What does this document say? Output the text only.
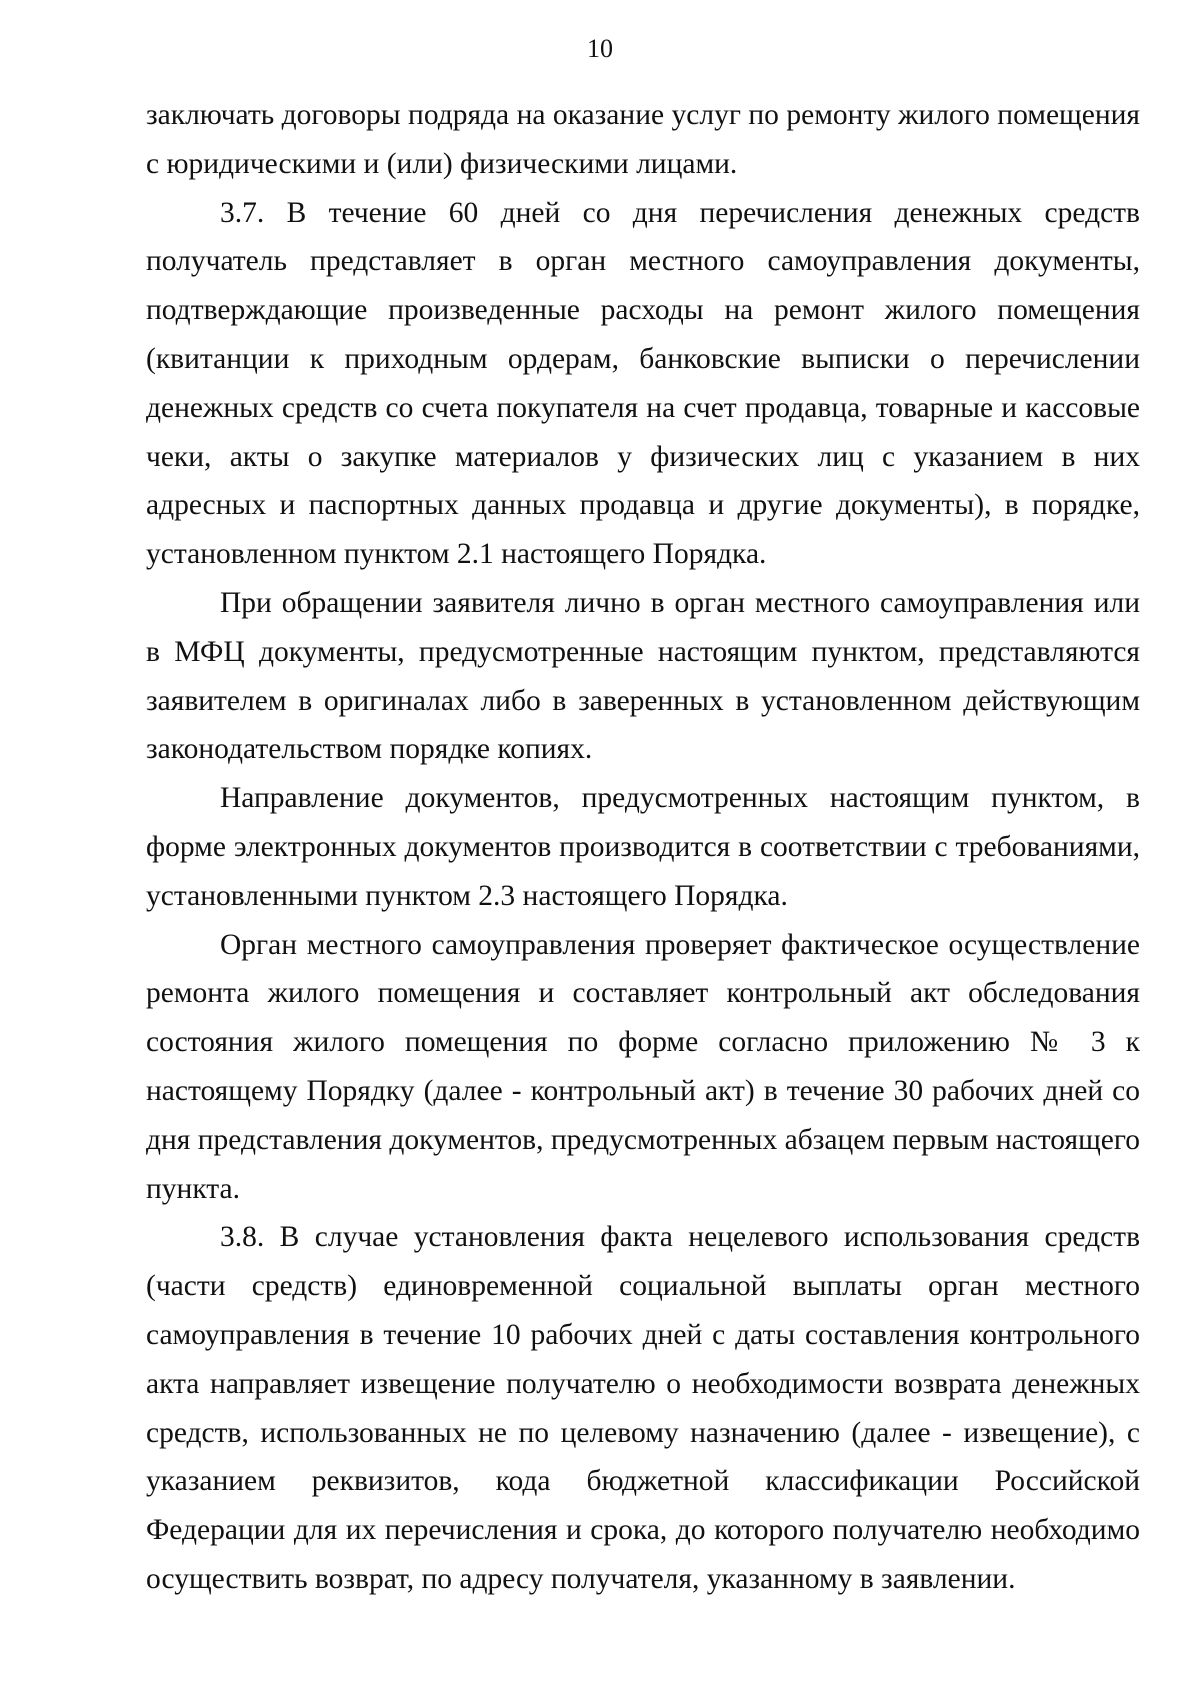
10

заключать договоры подряда на оказание услуг по ремонту жилого помещения с юридическими и (или) физическими лицами.

3.7. В течение 60 дней со дня перечисления денежных средств получатель представляет в орган местного самоуправления документы, подтверждающие произведенные расходы на ремонт жилого помещения (квитанции к приходным ордерам, банковские выписки о перечислении денежных средств со счета покупателя на счет продавца, товарные и кассовые чеки, акты о закупке материалов у физических лиц с указанием в них адресных и паспортных данных продавца и другие документы), в порядке, установленном пунктом 2.1 настоящего Порядка.

При обращении заявителя лично в орган местного самоуправления или в МФЦ документы, предусмотренные настоящим пунктом, представляются заявителем в оригиналах либо в заверенных в установленном действующим законодательством порядке копиях.

Направление документов, предусмотренных настоящим пунктом, в форме электронных документов производится в соответствии с требованиями, установленными пунктом 2.3 настоящего Порядка.

Орган местного самоуправления проверяет фактическое осуществление ремонта жилого помещения и составляет контрольный акт обследования состояния жилого помещения по форме согласно приложению № 3 к настоящему Порядку (далее - контрольный акт) в течение 30 рабочих дней со дня представления документов, предусмотренных абзацем первым настоящего пункта.

3.8. В случае установления факта нецелевого использования средств (части средств) единовременной социальной выплаты орган местного самоуправления в течение 10 рабочих дней с даты составления контрольного акта направляет извещение получателю о необходимости возврата денежных средств, использованных не по целевому назначению (далее - извещение), с указанием реквизитов, кода бюджетной классификации Российской Федерации для их перечисления и срока, до которого получателю необходимо осуществить возврат, по адресу получателя, указанному в заявлении.
